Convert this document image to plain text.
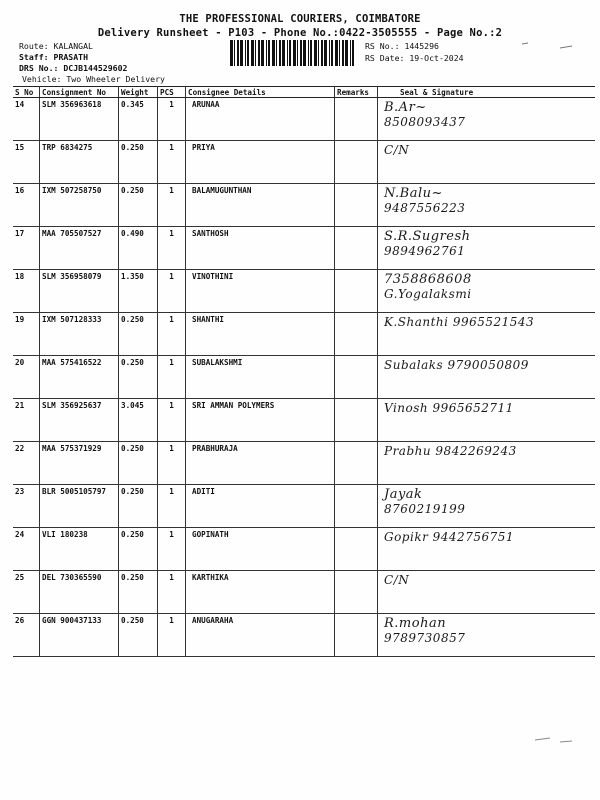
THE PROFESSIONAL COURIERS, COIMBATORE
Delivery Runsheet - P103 - Phone No.:0422-3505555 - Page No.:2
Route: KALANGAL
Staff: PRASATH
DRS No.: DCJB144529602
Vehicle: Two Wheeler Delivery
RS No.: 1445296
RS Date: 19-Oct-2024
S No	Consignment No	Weight	PCS	Consignee Details	Remarks	Seal & Signature
14	SLM 356963618	0.345	1	ARUNAA		B.Ar~
8508093437

15	TRP 6834275	0.250	1	PRIYA		C/N

16	IXM 507258750	0.250	1	BALAMUGUNTHAN		N.Balu~
9487556223

17	MAA 705507527	0.490	1	SANTHOSH		S.R.Sugresh
9894962761

18	SLM 356958079	1.350	1	VINOTHINI		7358868608
G.Yogalaksmi

19	IXM 507128333	0.250	1	SHANTHI		K.Shanthi 9965521543

20	MAA 575416522	0.250	1	SUBALAKSHMI		Subalaks 9790050809

21	SLM 356925637	3.045	1	SRI AMMAN POLYMERS		Vinosh 9965652711

22	MAA 575371929	0.250	1	PRABHURAJA		Prabhu 9842269243

23	BLR 5005105797	0.250	1	ADITI		Jayak
8760219199

24	VLI 180238	0.250	1	GOPINATH		Gopikr 9442756751

25	DEL 730365590	0.250	1	KARTHIKA		C/N

26	GGN 900437133	0.250	1	ANUGARAHA		R.mohan
9789730857
